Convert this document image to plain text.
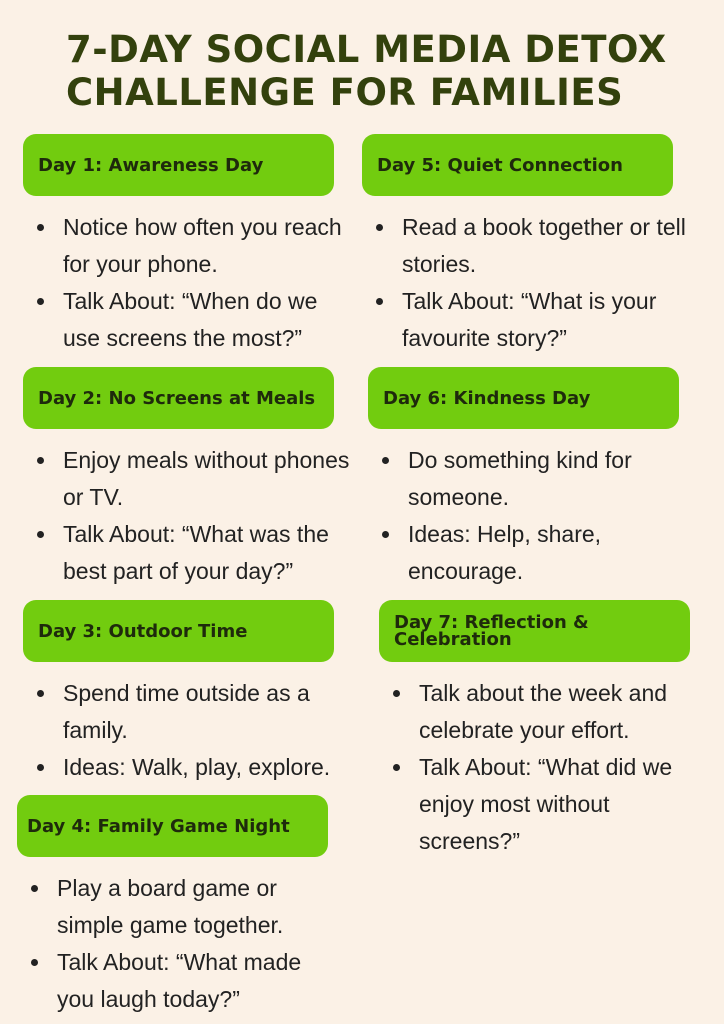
7-DAY SOCIAL MEDIA DETOX
CHALLENGE FOR FAMILIES
Day 1: Awareness Day
Notice how often you reach for your phone.
Talk About: “When do we use screens the most?”
Day 2: No Screens at Meals
Enjoy meals without phones or TV.
Talk About: “What was the best part of your day?”
Day 3: Outdoor Time
Spend time outside as a family.
Ideas: Walk, play, explore.
Day 4: Family Game Night
Play a board game or simple game together.
Talk About: “What made you laugh today?”
Day 5: Quiet Connection
Read a book together or tell stories.
Talk About: “What is your favourite story?”
Day 6: Kindness Day
Do something kind for someone.
Ideas: Help, share, encourage.
Day 7: Reflection & Celebration
Talk about the week and celebrate your effort.
Talk About: “What did we enjoy most without screens?”
